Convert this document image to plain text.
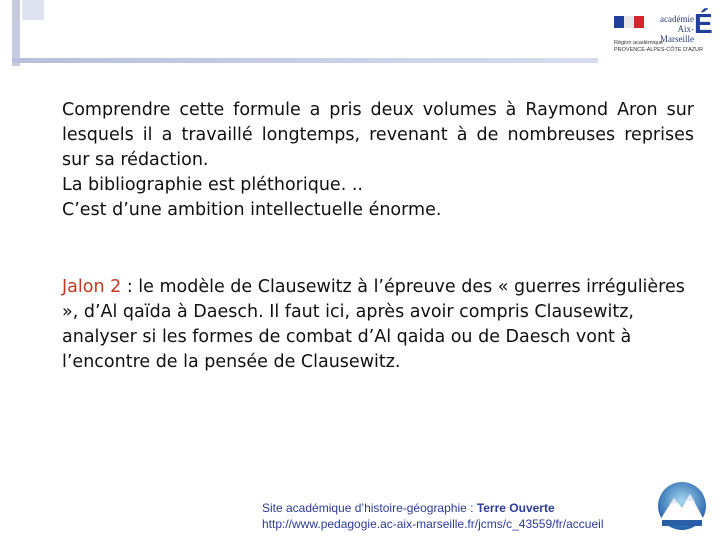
académie
Aix-Marseille É
Région académique
PROVENCE-ALPES-CÔTE D'AZUR

Comprendre cette formule a pris deux volumes à Raymond Aron sur lesquels il a travaillé longtemps, revenant à de nombreuses reprises sur sa rédaction.

La bibliographie est pléthorique. ..

C’est d’une ambition intellectuelle énorme.

Jalon 2 : le modèle de Clausewitz à l’épreuve des « guerres irrégulières », d’Al qaïda à Daesch. Il faut ici, après avoir compris Clausewitz, analyser si les formes de combat d’Al qaida ou de Daesch vont à l’encontre de la pensée de Clausewitz.

Site académique d’histoire-géographie : Terre Ouverte
http://www.pedagogie.ac-aix-marseille.fr/jcms/c_43559/fr/accueil
